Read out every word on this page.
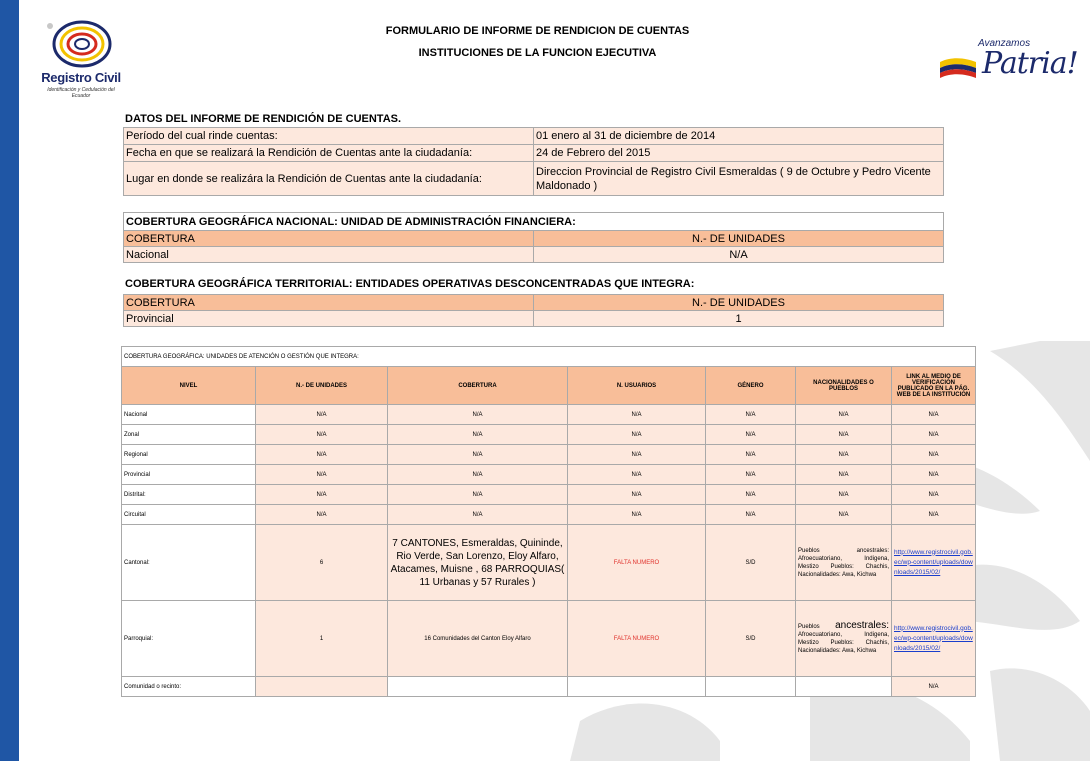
Registro Civil
Identificación y Cedulación del Ecuador
Avanzamos
Patria!
FORMULARIO DE INFORME DE RENDICION DE CUENTAS
INSTITUCIONES DE LA FUNCION EJECUTIVA
DATOS DEL INFORME DE RENDICIÓN DE CUENTAS.
Período del cual rinde cuentas:	01 enero al 31 de diciembre de 2014
Fecha en que se realizará la Rendición de Cuentas ante la ciudadanía:	24 de Febrero del 2015
Lugar en donde se realizára la Rendición de Cuentas ante la ciudadanía:	Direccion Provincial de Registro Civil Esmeraldas ( 9 de Octubre y Pedro Vicente Maldonado )
COBERTURA GEOGRÁFICA NACIONAL: UNIDAD DE ADMINISTRACIÓN FINANCIERA:	
COBERTURA	N.- DE UNIDADES
Nacional	N/A
COBERTURA GEOGRÁFICA TERRITORIAL: ENTIDADES OPERATIVAS DESCONCENTRADAS QUE INTEGRA:
COBERTURA	N.- DE UNIDADES
Provincial	1
COBERTURA GEOGRÁFICA: UNIDADES DE ATENCIÓN O GESTIÓN QUE INTEGRA:						
NIVEL	N.- DE UNIDADES	COBERTURA	N. USUARIOS	GÉNERO	NACIONALIDADES O PUEBLOS	LINK AL MEDIO DE VERIFICACIÓN PUBLICADO EN LA PÁG. WEB DE LA INSTITUCIÓN
Nacional	N/A	N/A	N/A	N/A	N/A	N/A
Zonal	N/A	N/A	N/A	N/A	N/A	N/A
Regional	N/A	N/A	N/A	N/A	N/A	N/A
Provincial	N/A	N/A	N/A	N/A	N/A	N/A
Distrital:	N/A	N/A	N/A	N/A	N/A	N/A
Circuital	N/A	N/A	N/A	N/A	N/A	N/A
Cantonal:	6	7 CANTONES, Esmeraldas, Quininde, Rio Verde, San Lorenzo, Eloy Alfaro, Atacames, Muisne , 68 PARROQUIAS( 11 Urbanas y 57 Rurales )	FALTA NUMERO	S/D	Pueblos ancestrales: Afroecuatoriano, Indigena, Mestizo Pueblos: Chachis, Nacionalidades: Awa, Kichwa	http://www.registrocivil.gob.ec/wp-content/uploads/downloads/2015/02/
Parroquial:	1	16 Comunidades del Canton Eloy Alfaro	FALTA NUMERO	S/D	Pueblos ancestrales: Afroecuatoriano, Indigena, Mestizo Pueblos: Chachis, Nacionalidades: Awa, Kichwa	http://www.registrocivil.gob.ec/wp-content/uploads/downloads/2015/02/
Comunidad o recinto:						N/A
